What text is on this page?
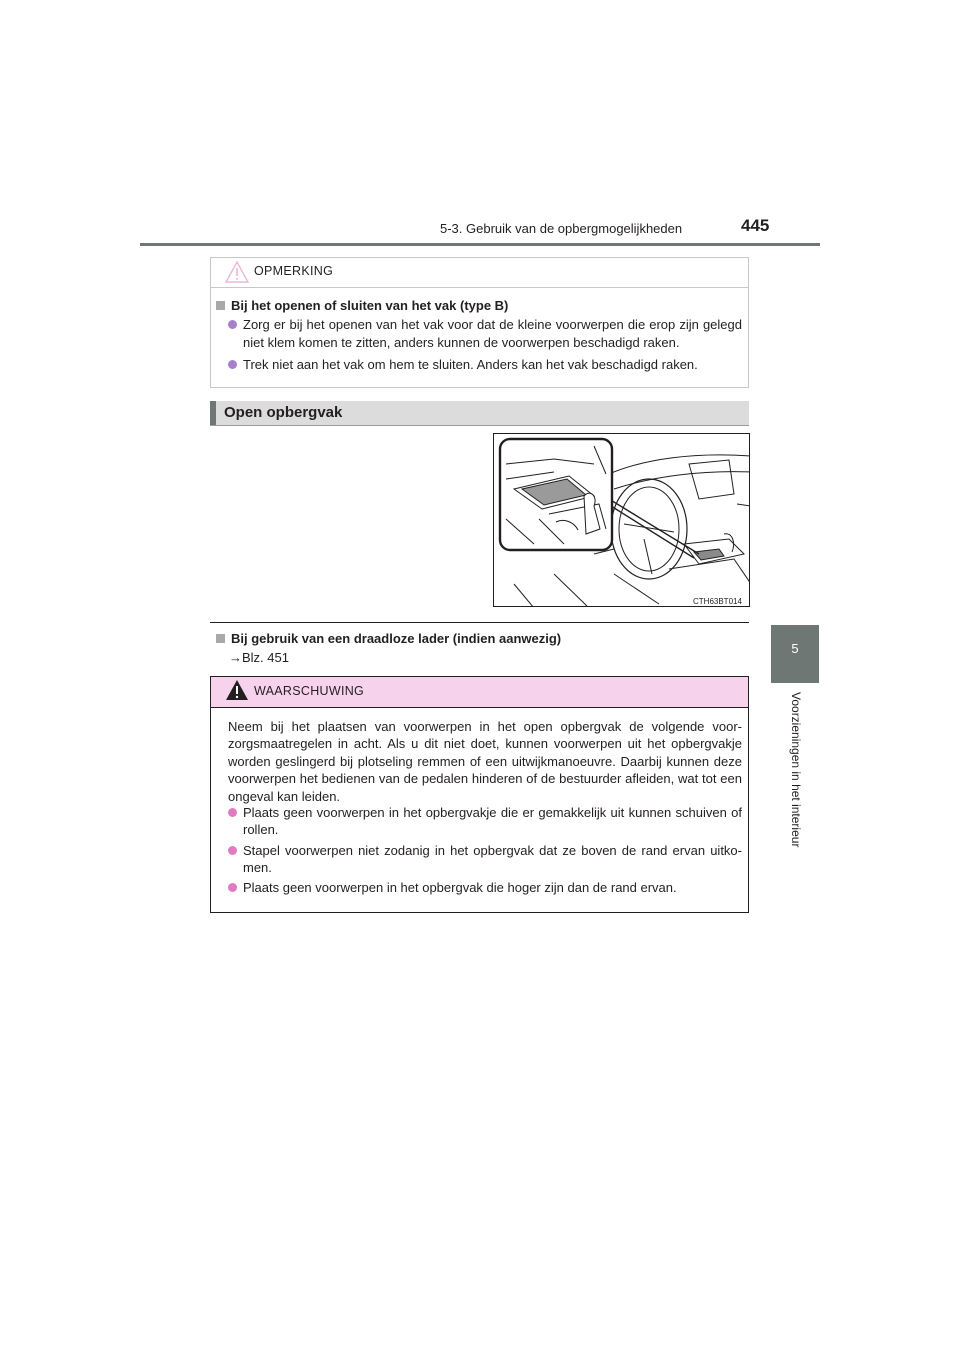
5-3. Gebruik van de opbergmogelijkheden	445
5
Voorzieningen in het interieur
OPMERKING
Bij het openen of sluiten van het vak (type B)
Zorg er bij het openen van het vak voor dat de kleine voorwerpen die erop zijn gelegd niet klem komen te zitten, anders kunnen de voorwerpen beschadigd raken.
Trek niet aan het vak om hem te sluiten. Anders kan het vak beschadigd raken.
Open opbergvak
CTH63BT014
Bij gebruik van een draadloze lader (indien aanwezig)
→Blz. 451
WAARSCHUWING
Neem bij het plaatsen van voorwerpen in het open opbergvak de volgende voor-zorgsmaatregelen in acht. Als u dit niet doet, kunnen voorwerpen uit het opbergvakje worden geslingerd bij plotseling remmen of een uitwijkmanoeuvre. Daarbij kunnen deze voorwerpen het bedienen van de pedalen hinderen of de bestuurder afleiden, wat tot een ongeval kan leiden.
Plaats geen voorwerpen in het opbergvakje die er gemakkelijk uit kunnen schuiven of rollen.
Stapel voorwerpen niet zodanig in het opbergvak dat ze boven de rand ervan uitko-men.
Plaats geen voorwerpen in het opbergvak die hoger zijn dan de rand ervan.
